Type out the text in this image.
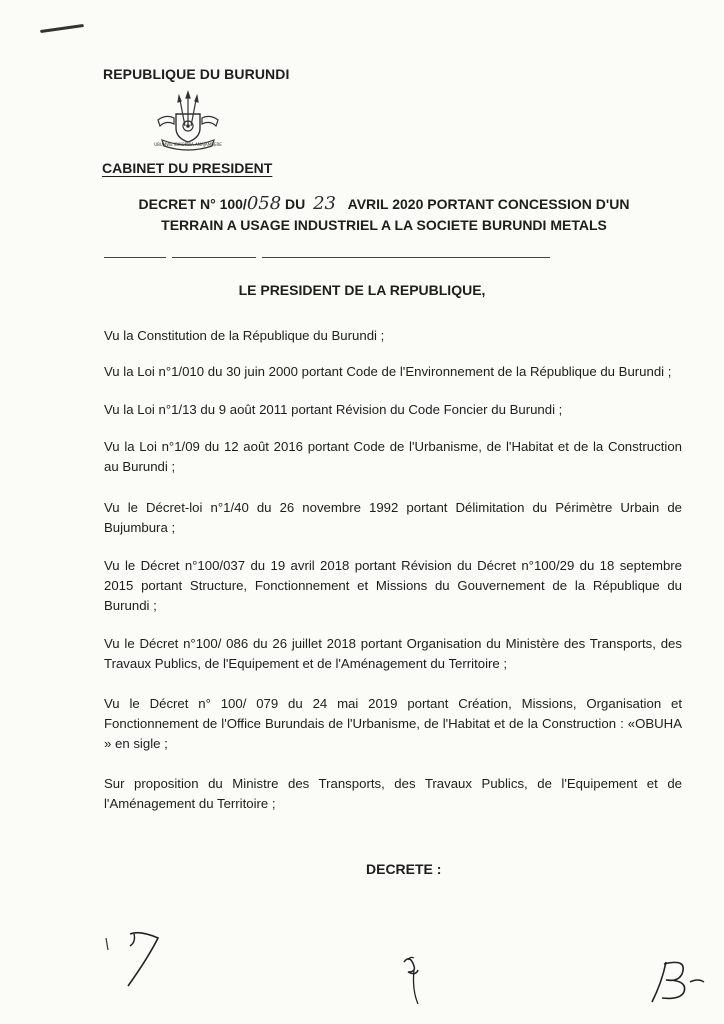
REPUBLIQUE DU BURUNDI
UBUMWE IBIKORWA AMAJAMBERE
CABINET DU PRESIDENT
DECRET N° 100/058 DU  23 AVRIL 2020 PORTANT CONCESSION D'UN
TERRAIN A USAGE INDUSTRIEL A LA SOCIETE BURUNDI METALS
LE PRESIDENT DE LA REPUBLIQUE,
Vu la Constitution de la République du Burundi ;
Vu la Loi n°1/010 du 30 juin 2000 portant Code de l'Environnement de la République du Burundi ;
Vu la Loi n°1/13 du 9 août 2011 portant Révision du Code Foncier du Burundi ;
Vu la Loi n°1/09 du 12 août 2016 portant Code de l'Urbanisme, de l'Habitat et de la Construction au Burundi ;
Vu le Décret-loi n°1/40 du 26 novembre 1992 portant Délimitation du Périmètre Urbain de Bujumbura ;
Vu le Décret n°100/037 du 19 avril 2018 portant Révision du Décret n°100/29 du 18 septembre 2015 portant Structure, Fonctionnement et Missions du Gouvernement de la République du Burundi ;
Vu le Décret n°100/ 086 du 26 juillet 2018 portant Organisation du Ministère des Transports, des Travaux Publics, de l'Equipement et de l'Aménagement du Territoire ;
Vu le Décret n° 100/ 079 du 24 mai 2019 portant Création, Missions, Organisation et Fonctionnement de l'Office Burundais de l'Urbanisme, de l'Habitat et de la Construction : «OBUHA » en sigle ;
Sur proposition du Ministre des Transports, des Travaux Publics, de l'Equipement et de l'Aménagement du Territoire ;
DECRETE :
